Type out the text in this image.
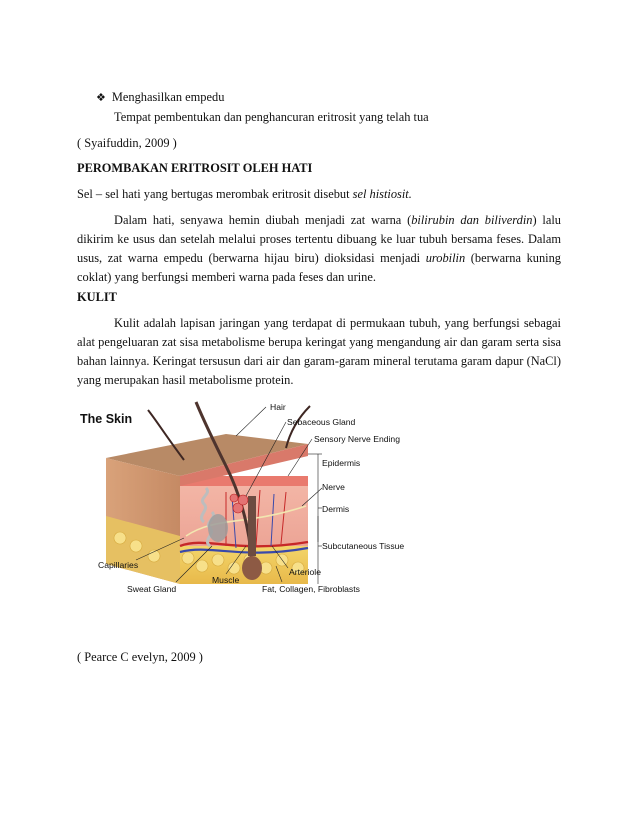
❖ Menghasilkan empedu
Tempat pembentukan dan penghancuran eritrosit yang telah tua
( Syaifuddin, 2009 )
PEROMBAKAN ERITROSIT OLEH HATI
Sel – sel hati yang bertugas merombak eritrosit disebut sel histiosit.
Dalam hati, senyawa hemin diubah menjadi zat warna (bilirubin dan biliverdin) lalu dikirim ke usus dan setelah melalui proses tertentu dibuang ke luar tubuh bersama feses. Dalam usus, zat warna empedu (berwarna hijau biru) dioksidasi menjadi urobilin (berwarna kuning coklat) yang berfungsi memberi warna pada feses dan urine.
KULIT
Kulit adalah lapisan jaringan yang terdapat di permukaan tubuh, yang berfungsi sebagai alat pengeluaran zat sisa metabolisme berupa keringat yang mengandung air dan garam serta sisa bahan lainnya. Keringat tersusun dari air dan garam-garam mineral terutama garam dapur (NaCl) yang merupakan hasil metabolisme protein.
The Skin
Hair
Sebaceous Gland
Sensory Nerve Ending
Epidermis
Nerve
Dermis
Subcutaneous Tissue
Arteriole
Fat, Collagen, Fibroblasts
Muscle
Sweat Gland
Capillaries
( Pearce C evelyn, 2009 )
